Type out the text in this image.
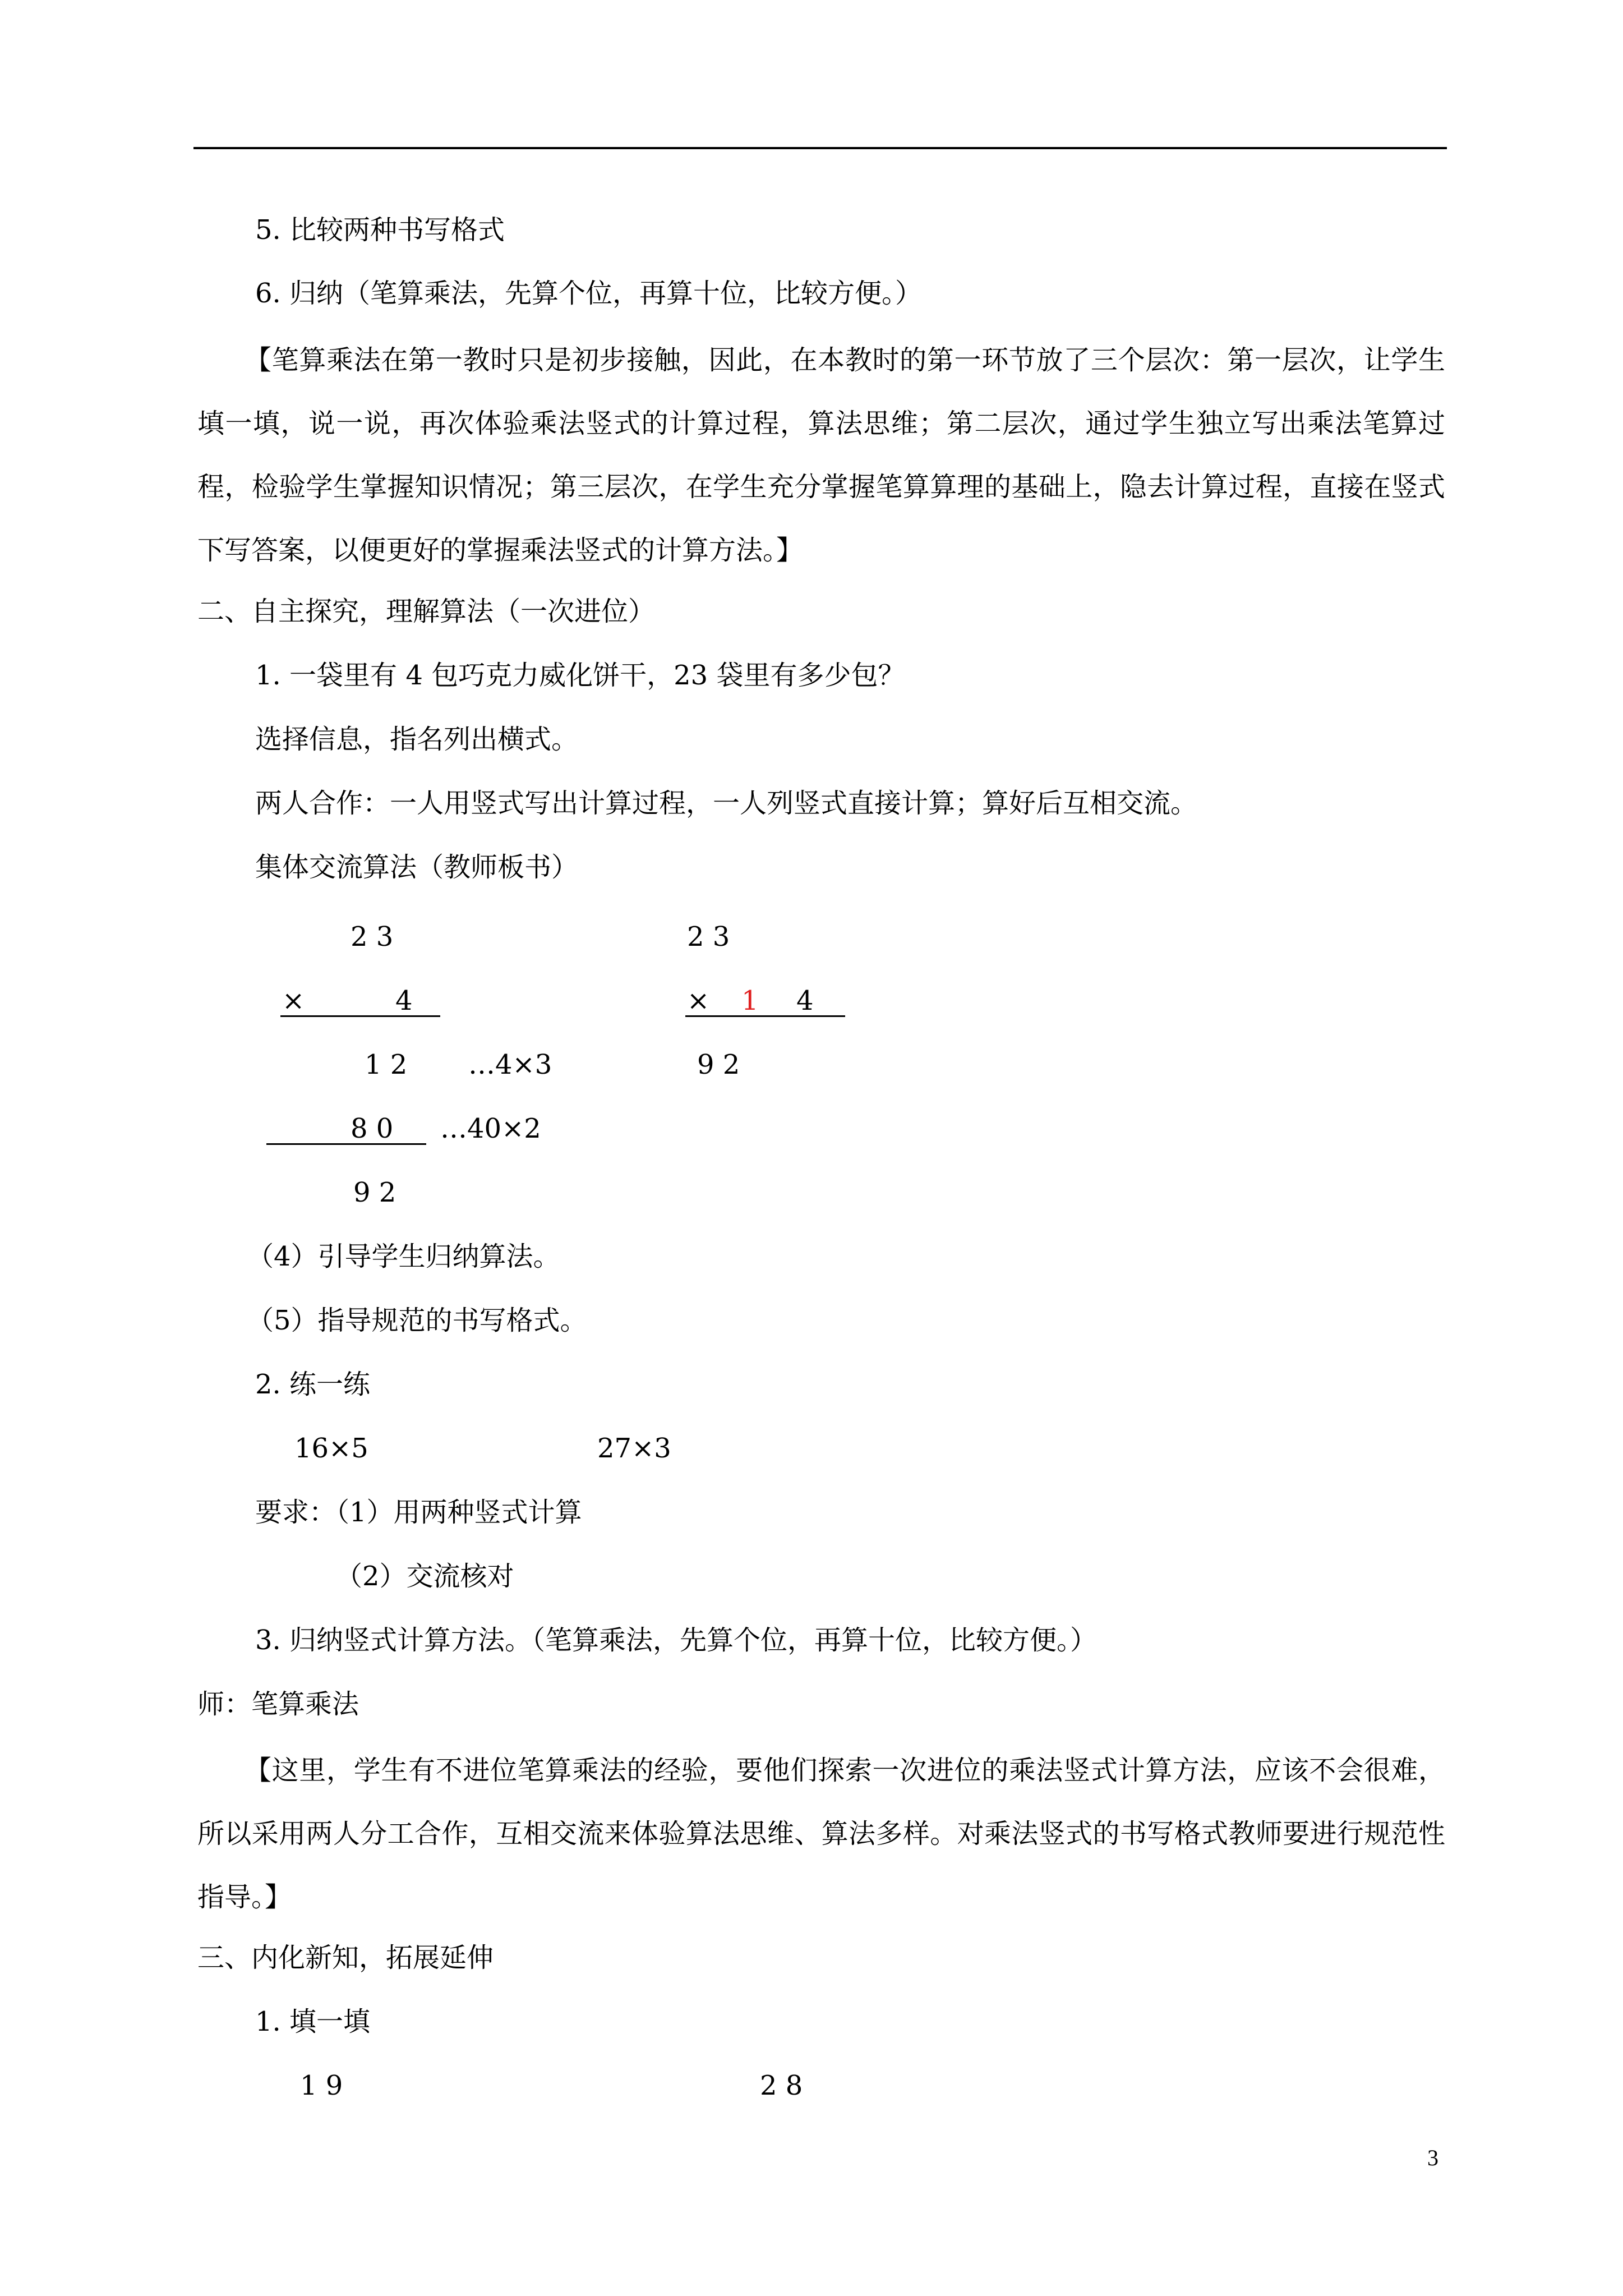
5. 比较两种书写格式
6. 归纳（笔算乘法，先算个位，再算十位，比较方便。）
【笔算乘法在第一教时只是初步接触，因此，在本教时的第一环节放了三个层次：第一层次，让学生填一填，说一说，再次体验乘法竖式的计算过程，算法思维；第二层次，通过学生独立写出乘法笔算过程，检验学生掌握知识情况；第三层次，在学生充分掌握笔算算理的基础上，隐去计算过程，直接在竖式下写答案，以便更好的掌握乘法竖式的计算方法。】
二、自主探究，理解算法（一次进位）
1. 一袋里有 4 包巧克力威化饼干，23 袋里有多少包？
选择信息，指名列出横式。
两人合作：一人用竖式写出计算过程，一人列竖式直接计算；算好后互相交流。
集体交流算法（教师板书）
2 3
×	4
1 2 …4×3
8 0 …40×2
9 2
2 3
× 1 4
9 2
（4）引导学生归纳算法。
（5）指导规范的书写格式。
2. 练一练
16×5	27×3
要求：（1）用两种竖式计算
（2）交流核对
3. 归纳竖式计算方法。（笔算乘法，先算个位，再算十位，比较方便。）
师：笔算乘法
【这里，学生有不进位笔算乘法的经验，要他们探索一次进位的乘法竖式计算方法，应该不会很难，所以采用两人分工合作，互相交流来体验算法思维、算法多样。对乘法竖式的书写格式教师要进行规范性指导。】
三、内化新知，拓展延伸
1. 填一填
1 9	2 8
3
